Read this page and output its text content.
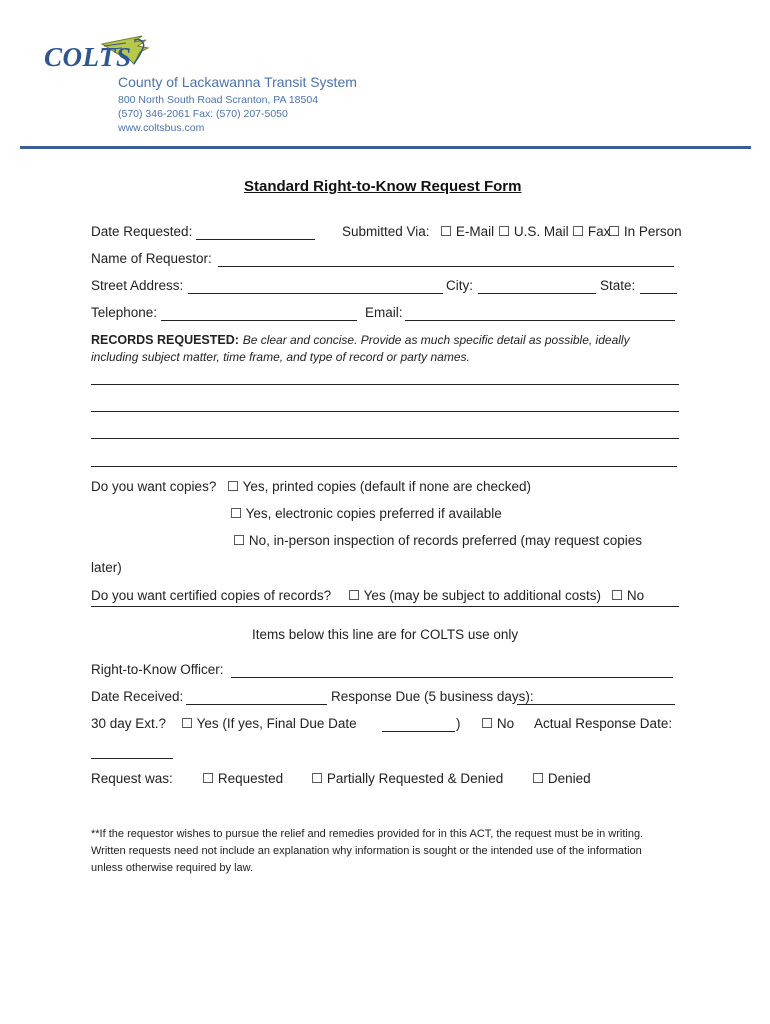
COLTS
County of Lackawanna Transit System
800 North South Road Scranton, PA 18504
(570) 346-2061 Fax: (570) 207-5050
www.coltsbus.com
Standard Right-to-Know Request Form
Date Requested:	Submitted Via: ☐ E-Mail ☐ U.S. Mail ☐ Fax
☐ In Person
Name of Requestor:
Street Address:	City:	State:
Telephone:	Email:
RECORDS REQUESTED: Be clear and concise. Provide as much specific detail as possible, ideally
including subject matter, time frame, and type of record or party names.
Do you want copies? ☐ Yes, printed copies (default if none are checked)
☐ Yes, electronic copies preferred if available
☐ No, in-person inspection of records preferred (may request copies
later)
Do you want certified copies of records? ☐ Yes (may be subject to additional costs) ☐ No
Items below this line are for COLTS use only
Right-to-Know Officer:
Date Received:	Response Due (5 business days):
30 day Ext.? ☐ Yes (If yes, Final Due Date	) ☐ No Actual Response Date:
Request was: ☐ Requested ☐ Partially Requested & Denied ☐ Denied
**If the requestor wishes to pursue the relief and remedies provided for in this ACT, the request must be in writing.
Written requests need not include an explanation why information is sought or the intended use of the information
unless otherwise required by law.
